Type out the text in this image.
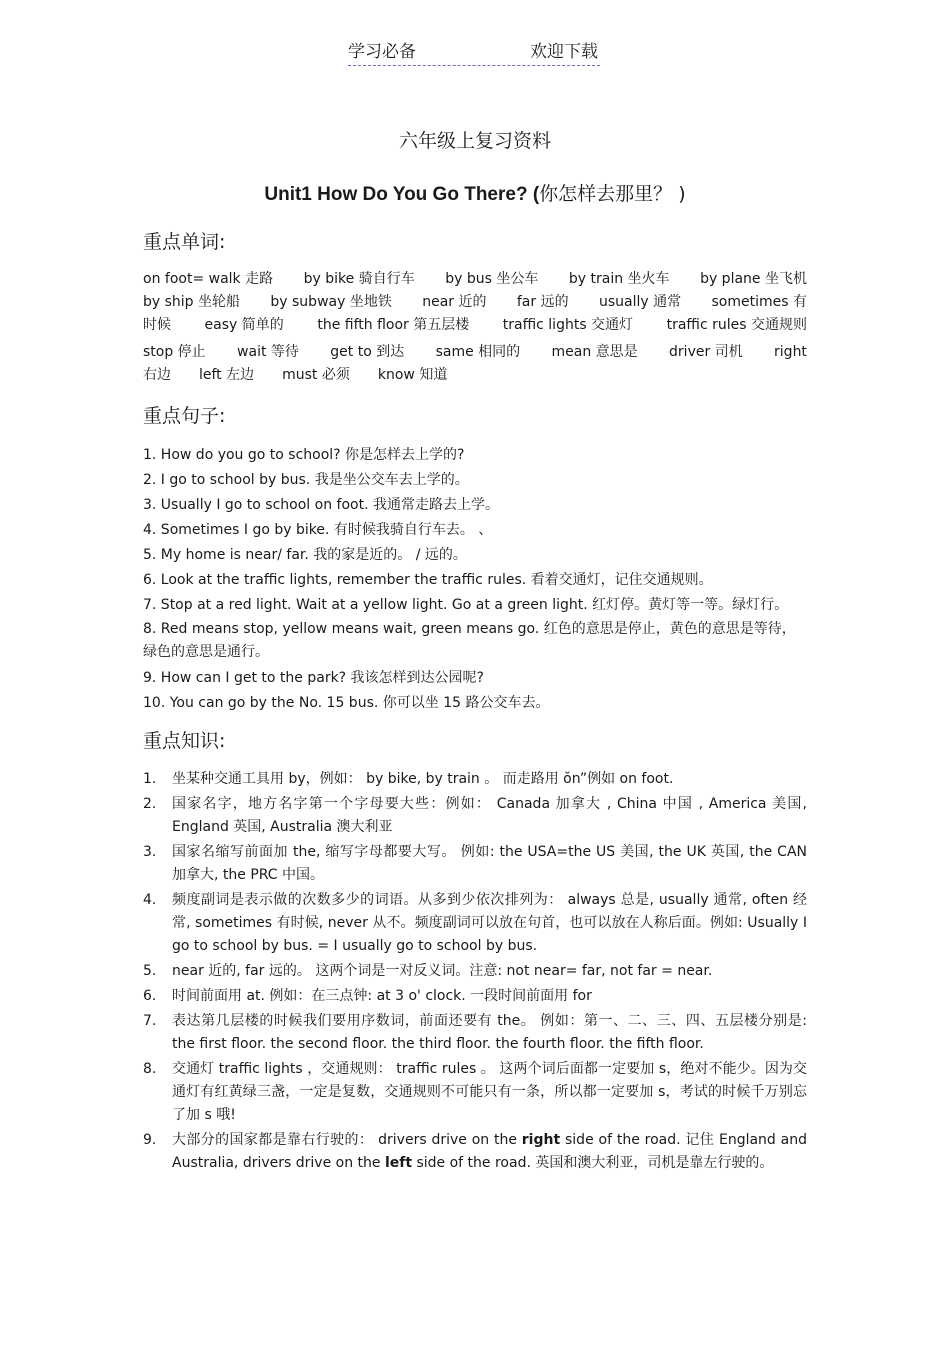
学习必备	欢迎下载
六年级上复习资料
Unit1 How Do You Go There? (你怎样去那里？ )
重点单词:
on foot= walk 走路 by bike 骑自行车 by bus 坐公车 by train 坐火车 by plane 坐飞机
by ship 坐轮船 by subway 坐地铁 near 近的 far 远的 usually 通常 sometimes 有
时候 easy 简单的 the fifth floor 第五层楼 traffic lights 交通灯 traffic rules 交通规则
stop 停止 wait 等待 get to 到达 same 相同的 mean 意思是 driver 司机 right
右边 left 左边 must 必须 know 知道
重点句子:
1. How do you go to school? 你是怎样去上学的?
2. I go to school by bus. 我是坐公交车去上学的。
3. Usually I go to school on foot. 我通常走路去上学。
4. Sometimes I go by bike. 有时候我骑自行车去。 、
5. My home is near/ far. 我的家是近的。 / 远的。
6. Look at the traffic lights, remember the traffic rules. 看着交通灯，记住交通规则。
7. Stop at a red light. Wait at a yellow light. Go at a green light. 红灯停。黄灯等一等。绿灯行。
8. Red means stop, yellow means wait, green means go. 红色的意思是停止，黄色的意思是等待，绿色的意思是通行。
9. How can I get to the park? 我该怎样到达公园呢?
10. You can go by the No. 15 bus. 你可以坐 15 路公交车去。
重点知识:
1. 坐某种交通工具用 by，例如： by bike, by train 。 而走路用 ŏn”例如 on foot.
2. 国家名字，地方名字第一个字母要大些：例如： Canada 加拿大 , China 中国 , America 美国, England 英国, Australia 澳大利亚
3. 国家名缩写前面加 the, 缩写字母都要大写。 例如: the USA=the US 美国, the UK 英国, the CAN 加拿大, the PRC 中国。
4. 频度副词是表示做的次数多少的词语。从多到少依次排列为： always 总是, usually 通常, often 经常, sometimes 有时候, never 从不。频度副词可以放在句首，也可以放在人称后面。例如: Usually I go to school by bus. = I usually go to school by bus.
5. near 近的, far 远的。 这两个词是一对反义词。注意: not near= far, not far = near.
6. 时间前面用 at. 例如：在三点钟: at 3 o' clock. 一段时间前面用 for
7. 表达第几层楼的时候我们要用序数词，前面还要有 the。 例如：第一、二、三、四、五层楼分别是: the first floor. the second floor. the third floor. the fourth floor. the fifth floor.
8. 交通灯 traffic lights ，交通规则： traffic rules 。 这两个词后面都一定要加 s，绝对不能少。因为交通灯有红黄绿三盏，一定是复数，交通规则不可能只有一条，所以都一定要加 s，考试的时候千万别忘了加 s 哦!
9. 大部分的国家都是靠右行驶的： drivers drive on the right side of the road. 记住 England and Australia, drivers drive on the left side of the road. 英国和澳大利亚，司机是靠左行驶的。
